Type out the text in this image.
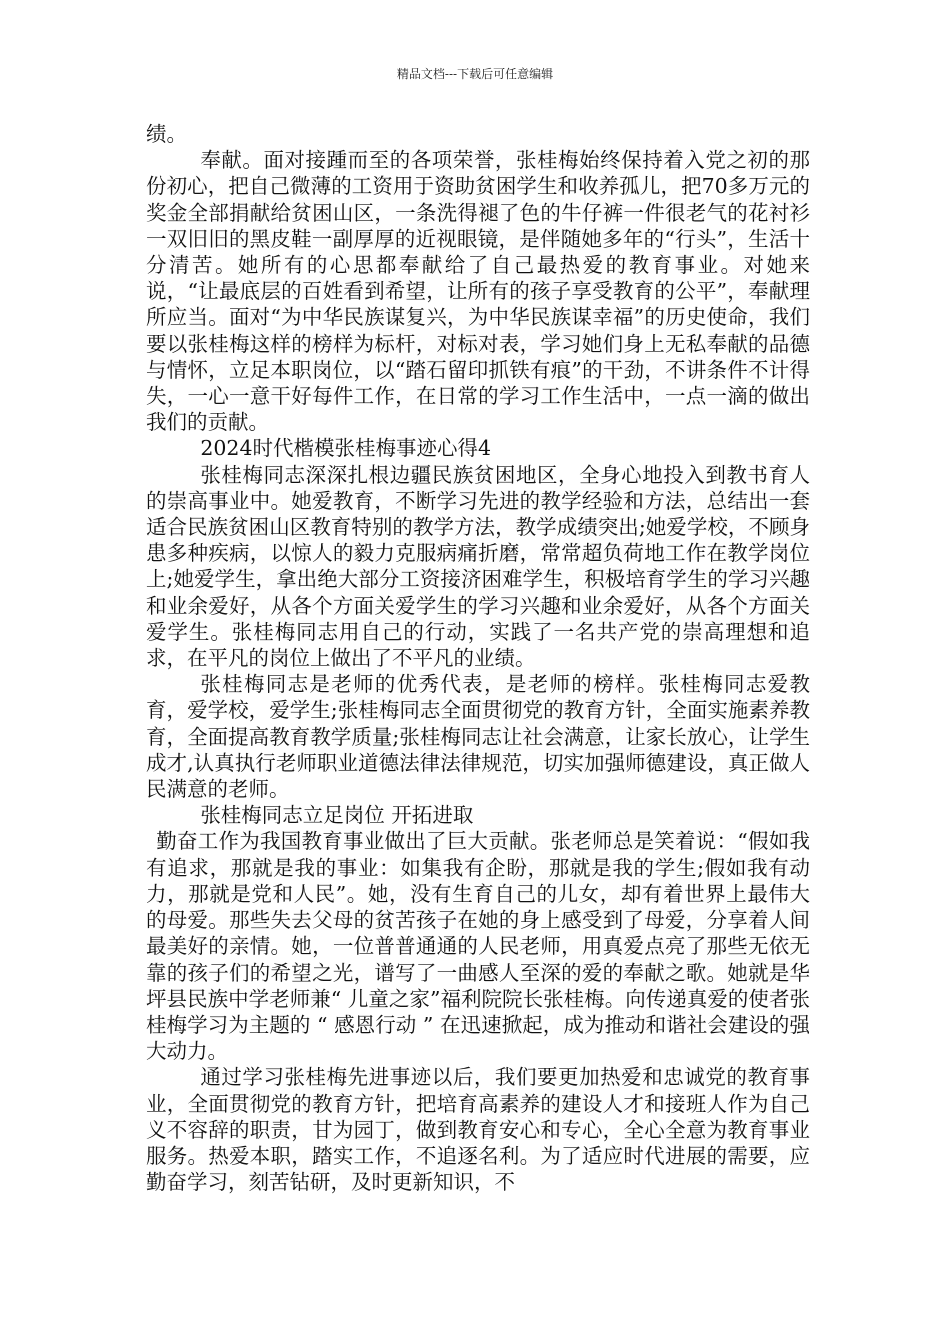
精品文档---下载后可任意编辑

绩。

奉献。面对接踵而至的各项荣誉，张桂梅始终保持着入党之初的那份初心，把自己微薄的工资用于资助贫困学生和收养孤儿，把70多万元的奖金全部捐献给贫困山区，一条洗得褪了色的牛仔裤一件很老气的花衬衫一双旧旧的黑皮鞋一副厚厚的近视眼镜，是伴随她多年的“行头”，生活十分清苦。她所有的心思都奉献给了自己最热爱的教育事业。对她来说，“让最底层的百姓看到希望，让所有的孩子享受教育的公平”，奉献理所应当。面对“为中华民族谋复兴，为中华民族谋幸福”的历史使命，我们要以张桂梅这样的榜样为标杆，对标对表，学习她们身上无私奉献的品德与情怀，立足本职岗位，以“踏石留印抓铁有痕”的干劲，不讲条件不计得失，一心一意干好每件工作，在日常的学习工作生活中，一点一滴的做出我们的贡献。

2024时代楷模张桂梅事迹心得4

张桂梅同志深深扎根边疆民族贫困地区，全身心地投入到教书育人的崇高事业中。她爱教育，不断学习先进的教学经验和方法，总结出一套适合民族贫困山区教育特别的教学方法，教学成绩突出;她爱学校，不顾身患多种疾病，以惊人的毅力克服病痛折磨，常常超负荷地工作在教学岗位上;她爱学生，拿出绝大部分工资接济困难学生，积极培育学生的学习兴趣和业余爱好，从各个方面关爱学生的学习兴趣和业余爱好，从各个方面关爱学生。张桂梅同志用自己的行动，实践了一名共产党的崇高理想和追求，在平凡的岗位上做出了不平凡的业绩。

张桂梅同志是老师的优秀代表，是老师的榜样。张桂梅同志爱教育，爱学校，爱学生;张桂梅同志全面贯彻党的教育方针，全面实施素养教育，全面提高教育教学质量;张桂梅同志让社会满意，让家长放心，让学生成才,认真执行老师职业道德法律法律规范，切实加强师德建设，真正做人民满意的老师。

张桂梅同志立足岗位 开拓进取

勤奋工作为我国教育事业做出了巨大贡献。张老师总是笑着说：“假如我有追求，那就是我的事业：如集我有企盼，那就是我的学生;假如我有动力，那就是党和人民”。她，没有生育自己的儿女，却有着世界上最伟大的母爱。那些失去父母的贫苦孩子在她的身上感受到了母爱，分享着人间最美好的亲情。她，一位普普通通的人民老师，用真爱点亮了那些无依无靠的孩子们的希望之光，谱写了一曲感人至深的爱的奉献之歌。她就是华坪县民族中学老师兼“ 儿童之家”福利院院长张桂梅。向传递真爱的使者张桂梅学习为主题的 “ 感恩行动 ” 在迅速掀起，成为推动和谐社会建设的强大动力。

通过学习张桂梅先进事迹以后，我们要更加热爱和忠诚党的教育事业，全面贯彻党的教育方针，把培育高素养的建设人才和接班人作为自己义不容辞的职责，甘为园丁，做到教育安心和专心，全心全意为教育事业服务。热爱本职，踏实工作，不追逐名利。为了适应时代进展的需要，应勤奋学习，刻苦钻研，及时更新知识，不
